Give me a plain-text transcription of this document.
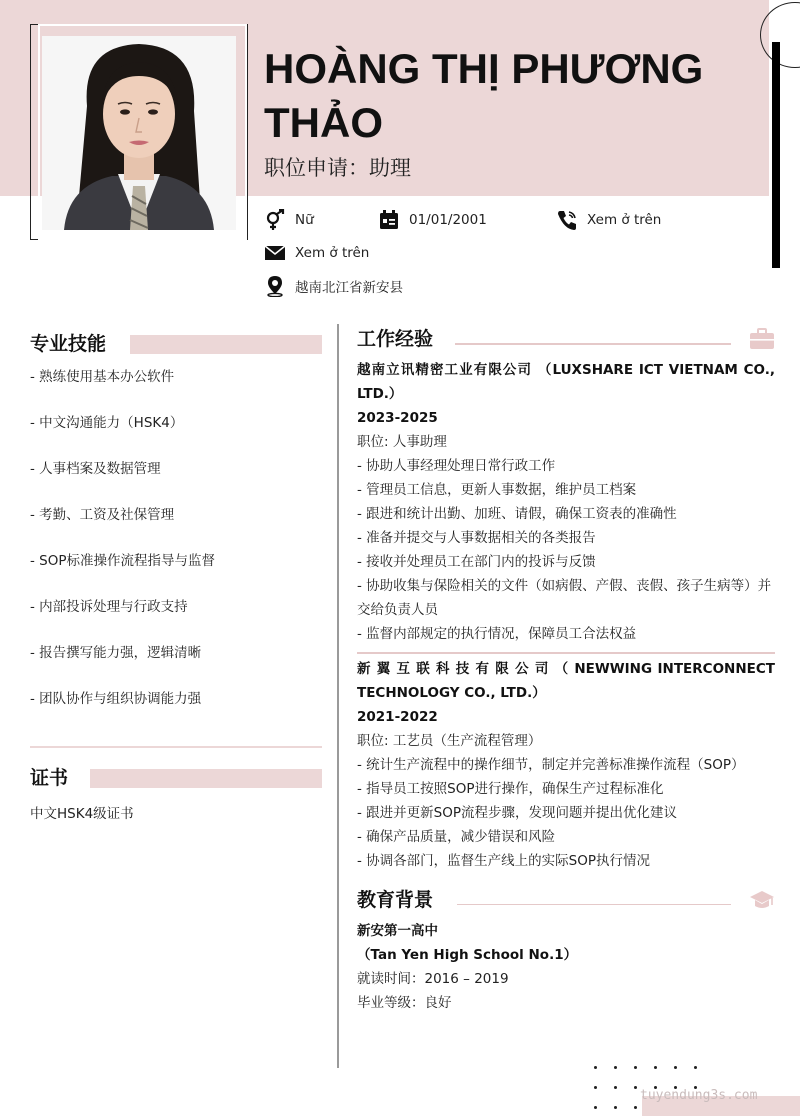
HOÀNG THỊ PHƯƠNG THẢO
职位申请：助理
Nữ	01/01/2001	Xem ở trên
Xem ở trên
越南北江省新安县
专业技能
- 熟练使用基本办公软件
- 中文沟通能力（HSK4）
- 人事档案及数据管理
- 考勤、工资及社保管理
- SOP标准操作流程指导与监督
- 内部投诉处理与行政支持
- 报告撰写能力强，逻辑清晰
- 团队协作与组织协调能力强
证书
中文HSK4级证书
工作经验
越南立讯精密工业有限公司 （LUXSHARE ICT VIETNAM CO., LTD.）
2023-2025
职位: 人事助理
- 协助人事经理处理日常行政工作
- 管理员工信息，更新人事数据，维护员工档案
- 跟进和统计出勤、加班、请假，确保工资表的准确性
- 准备并提交与人事数据相关的各类报告
- 接收并处理员工在部门内的投诉与反馈
- 协助收集与保险相关的文件（如病假、产假、丧假、孩子生病等）并交给负责人员
- 监督内部规定的执行情况，保障员工合法权益
新 翼 互 联 科 技 有 限 公 司 （ NEWWING INTERCONNECT TECHNOLOGY CO., LTD.）
2021-2022
职位: 工艺员（生产流程管理）
- 统计生产流程中的操作细节，制定并完善标准操作流程（SOP）
- 指导员工按照SOP进行操作，确保生产过程标准化
- 跟进并更新SOP流程步骤，发现问题并提出优化建议
- 确保产品质量，减少错误和风险
- 协调各部门，监督生产线上的实际SOP执行情况
教育背景
新安第一高中
（Tan Yen High School No.1）
就读时间：2016 – 2019
毕业等级：良好
tuyendung3s.com
